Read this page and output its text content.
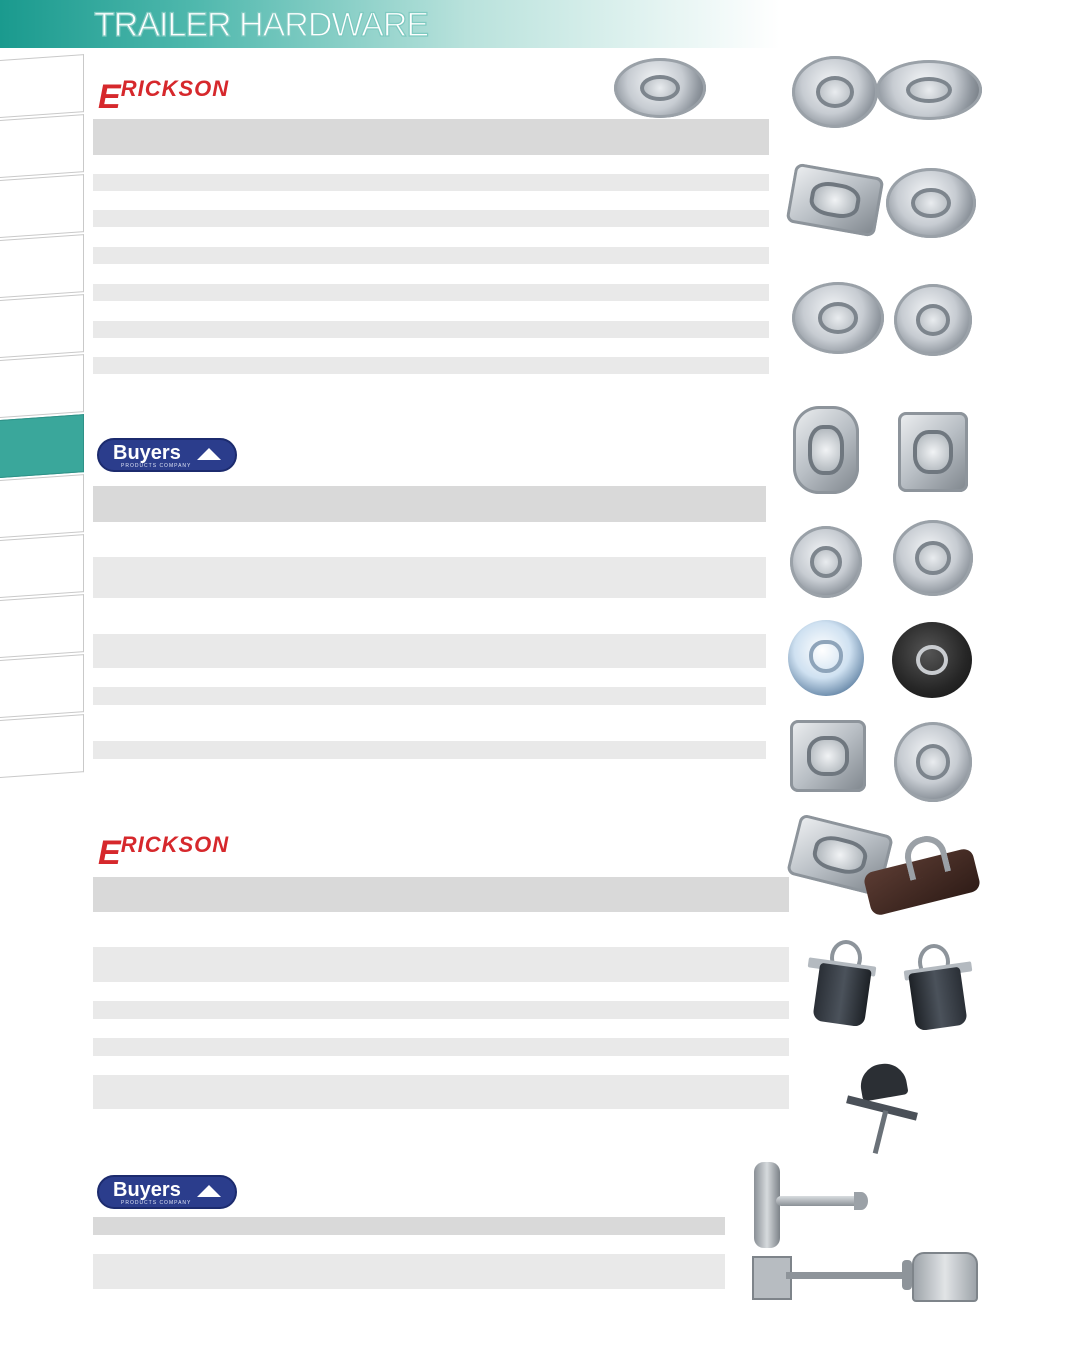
TRAILER HARDWARE
ERICKSON
Buyers
PRODUCTS COMPANY
ERICKSON
Buyers
PRODUCTS COMPANY
